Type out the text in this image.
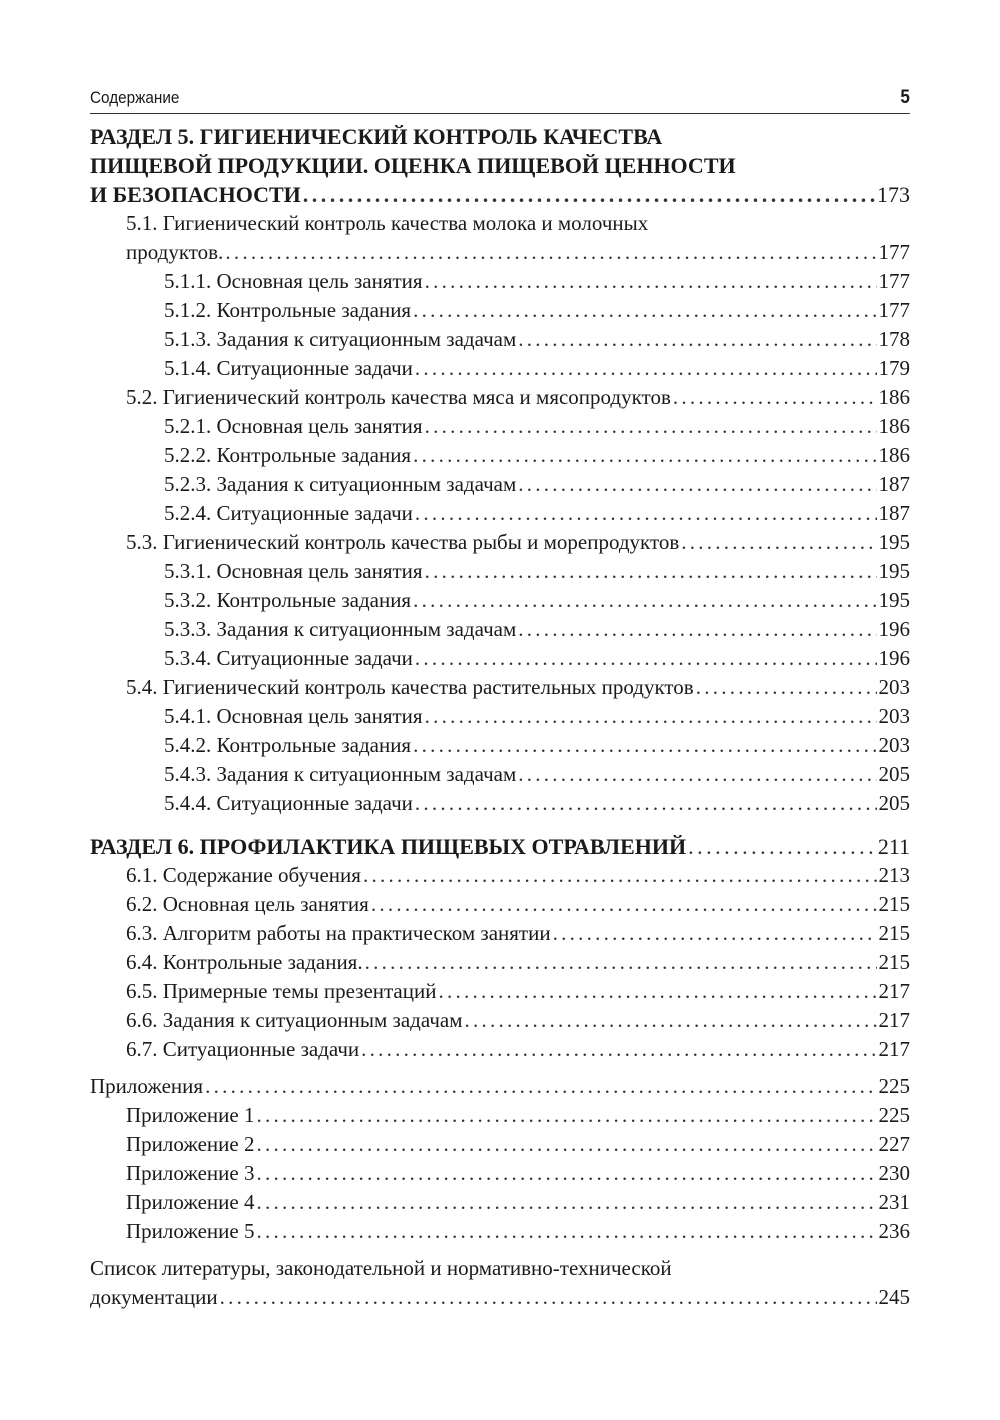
Содержание	5
РАЗДЕЛ 5. ГИГИЕНИЧЕСКИЙ КОНТРОЛЬ КАЧЕСТВА
ПИЩЕВОЙ ПРОДУКЦИИ. ОЦЕНКА ПИЩЕВОЙ ЦЕННОСТИ
И БЕЗОПАСНОСТИ . . .	173
5.1. Гигиенический контроль качества молока и молочных
продуктов. . . .	177
5.1.1. Основная цель занятия . . .	177
5.1.2. Контрольные задания . . .	177
5.1.3. Задания к ситуационным задачам . . .	178
5.1.4. Ситуационные задачи . . .	179
5.2. Гигиенический контроль качества мяса и мясопродуктов . . .	186
5.2.1. Основная цель занятия . . .	186
5.2.2. Контрольные задания . . .	186
5.2.3. Задания к ситуационным задачам . . .	187
5.2.4. Ситуационные задачи . . .	187
5.3. Гигиенический контроль качества рыбы и морепродуктов . . .	195
5.3.1. Основная цель занятия . . .	195
5.3.2. Контрольные задания . . .	195
5.3.3. Задания к ситуационным задачам . . .	196
5.3.4. Ситуационные задачи . . .	196
5.4. Гигиенический контроль качества растительных продуктов . . .	203
5.4.1. Основная цель занятия . . .	203
5.4.2. Контрольные задания . . .	203
5.4.3. Задания к ситуационным задачам . . .	205
5.4.4. Ситуационные задачи . . .	205
РАЗДЕЛ 6. ПРОФИЛАКТИКА ПИЩЕВЫХ ОТРАВЛЕНИЙ . . .	211
6.1. Содержание обучения . . .	213
6.2. Основная цель занятия . . .	215
6.3. Алгоритм работы на практическом занятии . . .	215
6.4. Контрольные задания. . . .	215
6.5. Примерные темы презентаций . . .	217
6.6. Задания к ситуационным задачам . . .	217
6.7. Ситуационные задачи . . .	217
Приложения . . .	225
Приложение 1 . . .	225
Приложение 2 . . .	227
Приложение 3 . . .	230
Приложение 4 . . .	231
Приложение 5 . . .	236
Список литературы, законодательной и нормативно-технической
документации . . .	245
